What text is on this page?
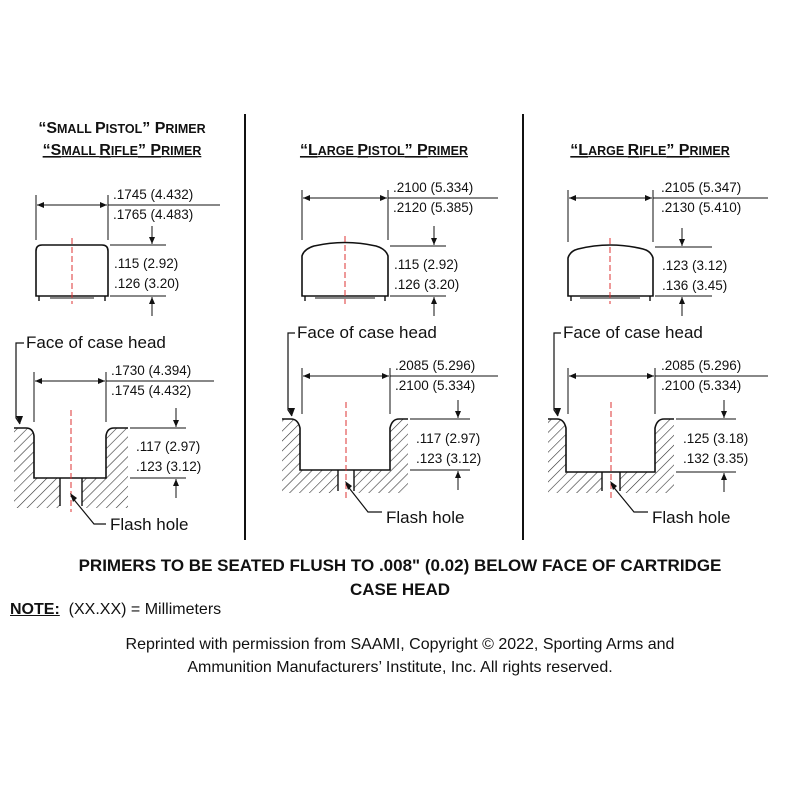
“SMALL PISTOL” PRIMER
“SMALL RIFLE” PRIMER
.1745 (4.432)
.1765 (4.483)
.115 (2.92)
.126 (3.20)
Face of case head
.1730 (4.394)
.1745 (4.432)
.117 (2.97)
.123 (3.12)
Flash hole
“LARGE PISTOL” PRIMER
.2100 (5.334)
.2120 (5.385)
.115 (2.92)
.126 (3.20)
Face of case head
.2085 (5.296)
.2100 (5.334)
.117 (2.97)
.123 (3.12)
Flash hole
“LARGE RIFLE” PRIMER
.2105 (5.347)
.2130 (5.410)
.123 (3.12)
.136 (3.45)
Face of case head
.2085 (5.296)
.2100 (5.334)
.125 (3.18)
.132 (3.35)
Flash hole
PRIMERS TO BE SEATED FLUSH TO .008" (0.02) BELOW FACE OF CARTRIDGE
CASE HEAD
NOTE: (XX.XX) = Millimeters
Reprinted with permission from SAAMI, Copyright © 2022, Sporting Arms and
Ammunition Manufacturers’ Institute, Inc. All rights reserved.
